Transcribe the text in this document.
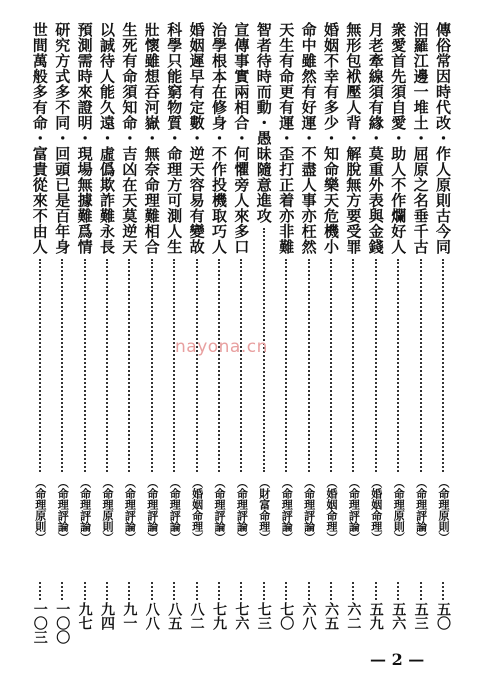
傳俗常因時代改・作人原則古今同
︵命理原則︶
五〇
汨羅江邊一堆土・屈原之名垂千古
︵命理評論︶
五三
衆愛首先須自愛・助人不作爛好人
︵命理原則︶
五六
月老牽線須有緣・莫重外表與金錢
︵婚姻命理︶
五九
無形包袱壓人背・解脫無方要受罪
︵命理評論︶
六二
婚姻不幸有多少・知命樂天危機小
︵婚姻命理︶
六五
命中雖然有好運・不盡人事亦枉然
︵命理評論︶
六八
天生有命更有運・歪打正着亦非難
︵命理評論︶
七〇
智者待時而動・愚昧隨意進攻
︵財富命理︶
七三
宣傳事實兩相合・何懼旁人來多口
︵命理評論︶
七六
治學根本在修身・不作投機取巧人
︵命理評論︶
七九
婚姻遲早有定數・逆天容易有變故
︵婚姻命理︶
八二
科學只能窮物質・命理方可測人生
︵命理評論︶
八五
壯懷雖想吞河嶽・無奈命理難相合
︵命理評論︶
八八
生死有命須知命・吉凶在天莫逆天
︵命理評論︶
九一
以誠待人能久遠・虛僞欺詐難永長
︵命理原則︶
九四
預測需時來證明・現場無據難爲情
︵命理評論︶
九七
研究方式多不同・回頭已是百年身
︵命理評論︶
一〇〇
世間萬般多有命・富貴從來不由人
︵命理原則︶
一〇三
nayona.cn
— 2 —
